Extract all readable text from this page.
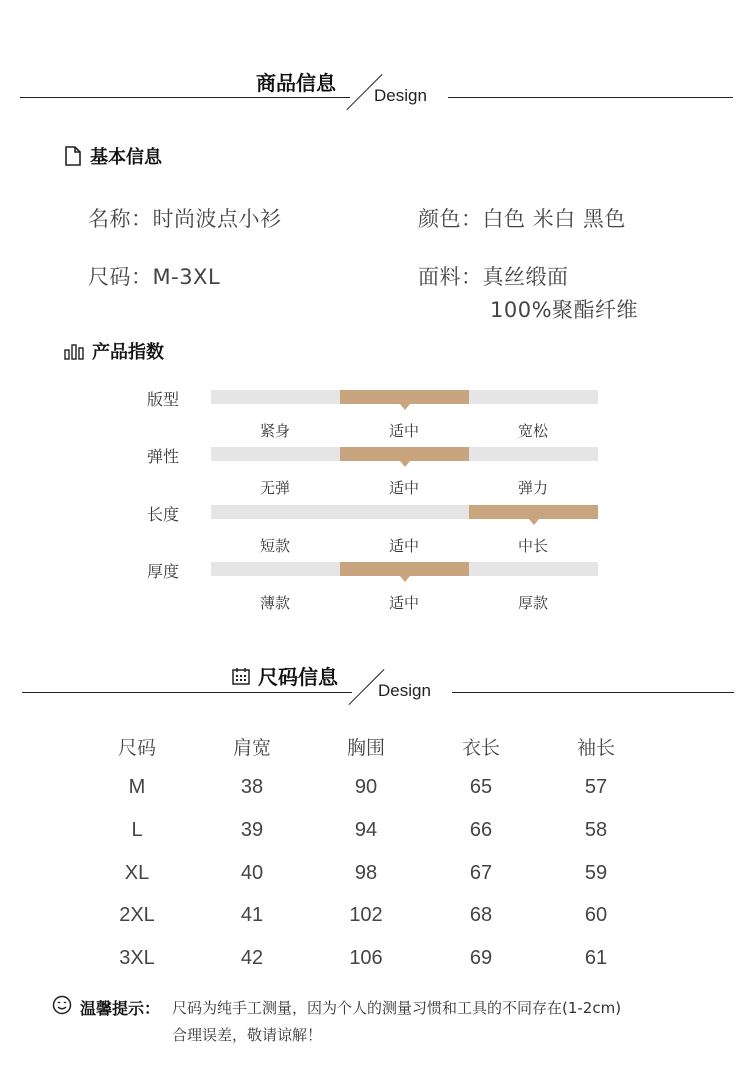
商品信息
Design
基本信息
名称：时尚波点小衫	颜色：白色 米白 黑色
尺码：M-3XL	面料：真丝缎面
100%聚酯纤维
产品指数
版型
紧身	适中	宽松
弹性
无弹	适中	弹力
长度
短款	适中	中长
厚度
薄款	适中	厚款
尺码信息
Design
尺码	肩宽	胸围	衣长	袖长
M	38	90	65	57
L	39	94	66	58
XL	40	98	67	59
2XL	41	102	68	60
3XL	42	106	69	61
温馨提示： 尺码为纯手工测量，因为个人的测量习惯和工具的不同存在(1-2cm)
合理误差，敬请谅解！
